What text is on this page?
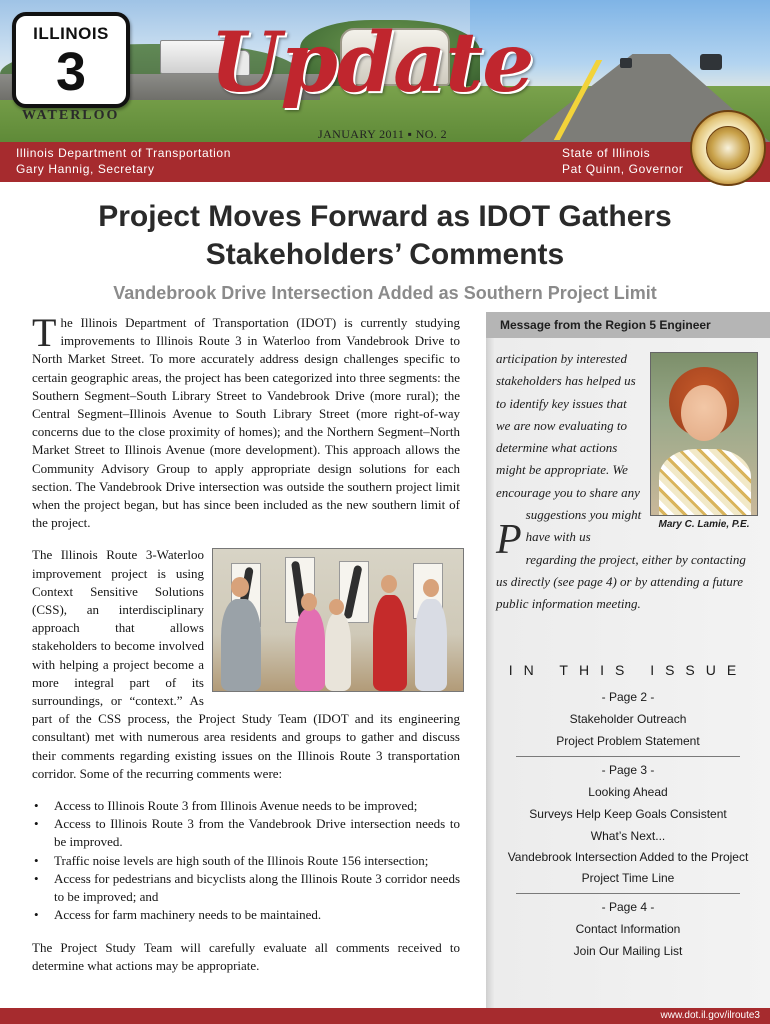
ILLINOIS
3
WATERLOO
Update
JANUARY 2011 ▪ NO. 2
Illinois Department of Transportation
Gary Hannig, Secretary
State of Illinois
Pat Quinn, Governor
Project Moves Forward as IDOT Gathers Stakeholders’ Comments
Vandebrook Drive Intersection Added as Southern Project Limit

The Illinois Department of Transportation (IDOT) is currently studying improvements to Illinois Route 3 in Waterloo from Vandebrook Drive to North Market Street. To more accurately address design challenges specific to certain geographic areas, the project has been categorized into three segments: the Southern Segment–South Library Street to Vandebrook Drive (more rural); the Central Segment–Illinois Avenue to South Library Street (more right-of-way concerns due to the close proximity of homes); and the Northern Segment–North Market Street to Illinois Avenue (more development). This approach allows the Community Advisory Group to apply appropriate design solutions for each section. The Vandebrook Drive intersection was outside the southern project limit when the project began, but has since been included as the new southern limit of the project.

The Illinois Route 3-Waterloo improvement project is using Context Sensitive Solutions (CSS), an interdisciplinary approach that allows stakeholders to become involved with helping a project become a more integral part of its surroundings, or “context.” As part of the CSS process, the Project Study Team (IDOT and its engineering consultant) met with numerous area residents and groups to gather and discuss their comments regarding existing issues on the Illinois Route 3 transportation corridor. Some of the recurring comments were:
• Access to Illinois Route 3 from Illinois Avenue needs to be improved;
• Access to Illinois Route 3 from the Vandebrook Drive intersection needs to be improved.
• Traffic noise levels are high south of the Illinois Route 156 intersection;
• Access for pedestrians and bicyclists along the Illinois Route 3 corridor needs to be improved; and
• Access for farm machinery needs to be maintained.

The Project Study Team will carefully evaluate all comments received to determine what actions may be appropriate.

Message from the Region 5 Engineer
Mary C. Lamie, P.E.
P
articipation by interested stakeholders has helped us to identify key issues that we are now evaluating to determine what actions might be appropriate. We encourage you to share any suggestions you might have with us regarding the project, either by contacting us directly (see page 4) or by attending a future public information meeting.
IN THIS ISSUE
- Page 2 -
Stakeholder Outreach
Project Problem Statement
- Page 3 -
Looking Ahead
Surveys Help Keep Goals Consistent
What’s Next...
Vandebrook Intersection Added to the Project
Project Time Line
- Page 4 -
Contact Information
Join Our Mailing List
www.dot.il.gov/ilroute3
